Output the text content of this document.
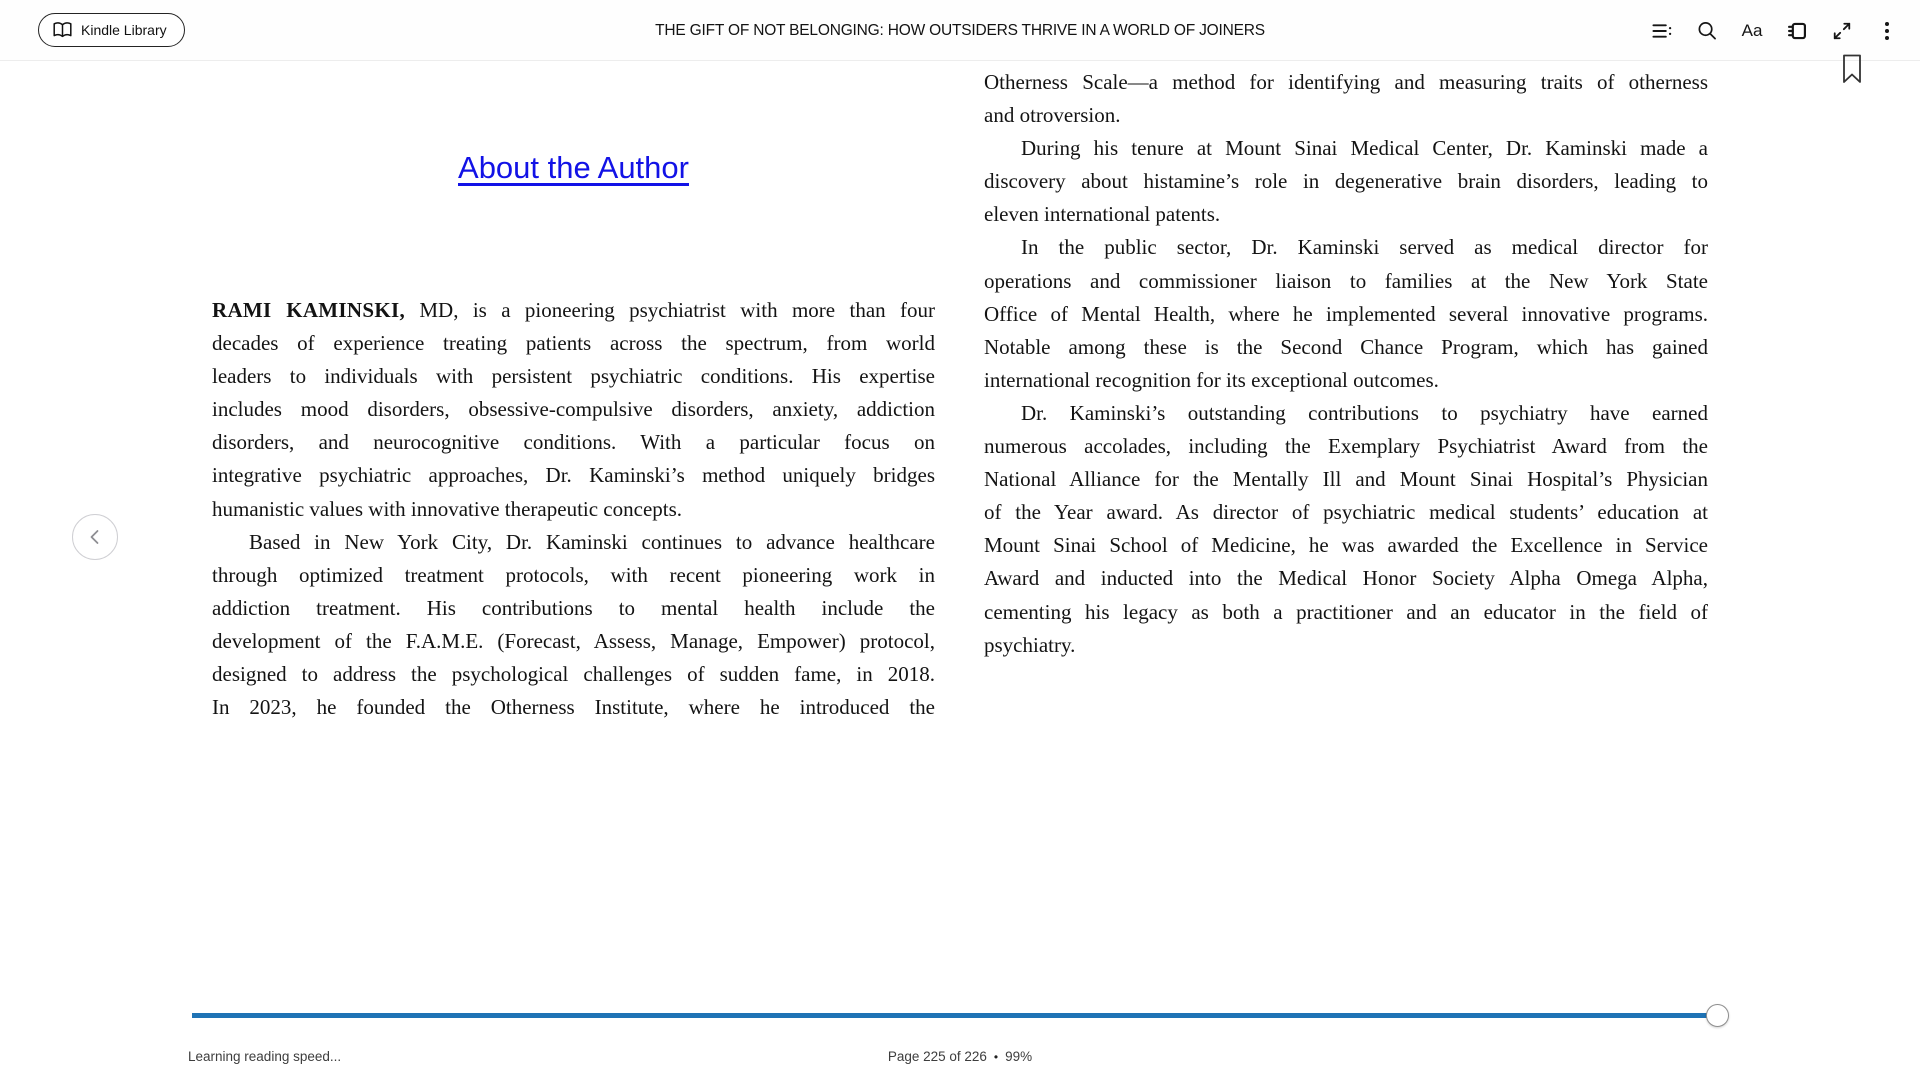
Kindle Library	THE GIFT OF NOT BELONGING: HOW OUTSIDERS THRIVE IN A WORLD OF JOINERS	Aa
About the Author
RAMI KAMINSKI, MD, is a pioneering psychiatrist with more than four
decades of experience treating patients across the spectrum, from world
leaders to individuals with persistent psychiatric conditions. His expertise
includes mood disorders, obsessive-compulsive disorders, anxiety, addiction
disorders, and neurocognitive conditions. With a particular focus on
integrative psychiatric approaches, Dr. Kaminski’s method uniquely bridges
humanistic values with innovative therapeutic concepts.
Based in New York City, Dr. Kaminski continues to advance healthcare
through optimized treatment protocols, with recent pioneering work in
addiction treatment. His contributions to mental health include the
development of the F.A.M.E. (Forecast, Assess, Manage, Empower) protocol,
designed to address the psychological challenges of sudden fame, in 2018.
In 2023, he founded the Otherness Institute, where he introduced the
Otherness Scale—a method for identifying and measuring traits of otherness
and otroversion.
During his tenure at Mount Sinai Medical Center, Dr. Kaminski made a
discovery about histamine’s role in degenerative brain disorders, leading to
eleven international patents.
In the public sector, Dr. Kaminski served as medical director for
operations and commissioner liaison to families at the New York State
Office of Mental Health, where he implemented several innovative programs.
Notable among these is the Second Chance Program, which has gained
international recognition for its exceptional outcomes.
Dr. Kaminski’s outstanding contributions to psychiatry have earned
numerous accolades, including the Exemplary Psychiatrist Award from the
National Alliance for the Mentally Ill and Mount Sinai Hospital’s Physician
of the Year award. As director of psychiatric medical students’ education at
Mount Sinai School of Medicine, he was awarded the Excellence in Service
Award and inducted into the Medical Honor Society Alpha Omega Alpha,
cementing his legacy as both a practitioner and an educator in the field of
psychiatry.
Learning reading speed...	Page 225 of 226 • 99%
